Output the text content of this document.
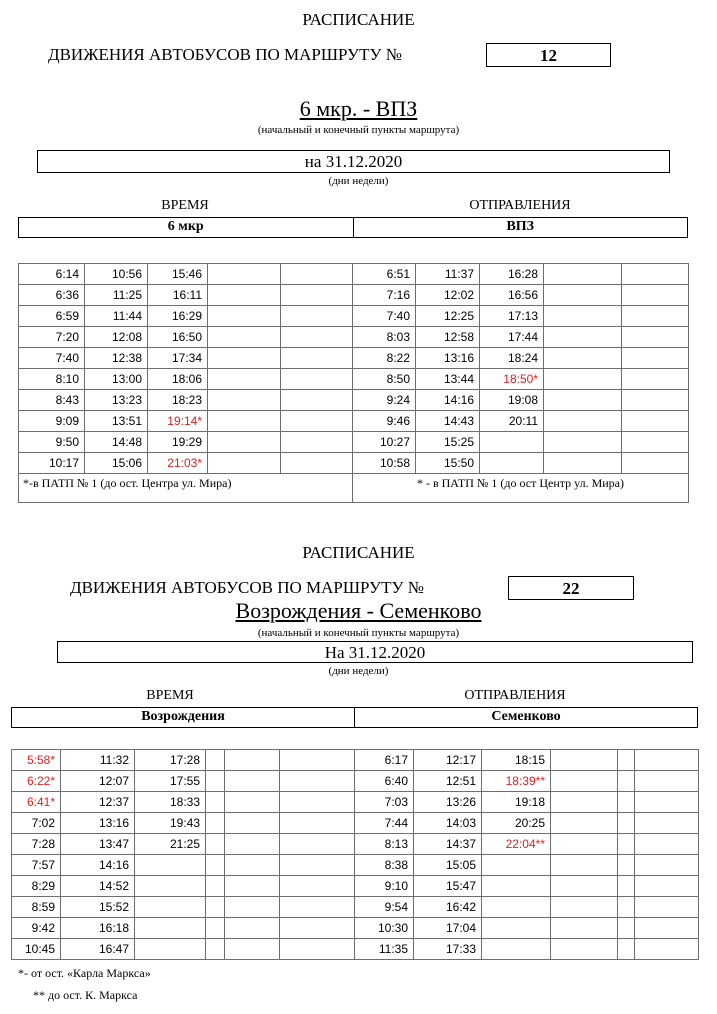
РАСПИСАНИЕ
ДВИЖЕНИЯ АВТОБУСОВ ПО МАРШРУТУ №	12
6 мкр. - ВПЗ
(начальный и конечный пункты маршрута)
на 31.12.2020
(дни недели)
ВРЕМЯ	ОТПРАВЛЕНИЯ
6 мкр	ВПЗ
6:14	10:56	15:46			6:51	11:37	16:28		
6:36	11:25	16:11			7:16	12:02	16:56		
6:59	11:44	16:29			7:40	12:25	17:13		
7:20	12:08	16:50			8:03	12:58	17:44		
7:40	12:38	17:34			8:22	13:16	18:24		
8:10	13:00	18:06			8:50	13:44	18:50*		
8:43	13:23	18:23			9:24	14:16	19:08		
9:09	13:51	19:14*			9:46	14:43	20:11		
9:50	14:48	19:29			10:27	15:25			
10:17	15:06	21:03*			10:58	15:50			
*-в ПАТП № 1 (до ост. Центра ул. Мира)					* - в ПАТП № 1 (до ост Центр ул. Мира)				
РАСПИСАНИЕ
ДВИЖЕНИЯ АВТОБУСОВ ПО МАРШРУТУ №	22
Возрождения - Семенково
(начальный и конечный пункты маршрута)
На 31.12.2020
(дни недели)
ВРЕМЯ	ОТПРАВЛЕНИЯ
Возрождения	Семенково
5:58*	11:32	17:28				6:17	12:17	18:15			
6:22*	12:07	17:55				6:40	12:51	18:39**			
6:41*	12:37	18:33				7:03	13:26	19:18			
7:02	13:16	19:43				7:44	14:03	20:25			
7:28	13:47	21:25				8:13	14:37	22:04**			
7:57	14:16					8:38	15:05				
8:29	14:52					9:10	15:47				
8:59	15:52					9:54	16:42				
9:42	16:18					10:30	17:04				
10:45	16:47					11:35	17:33				
*- от ост. «Карла Маркса»
** до ост. К. Маркса
